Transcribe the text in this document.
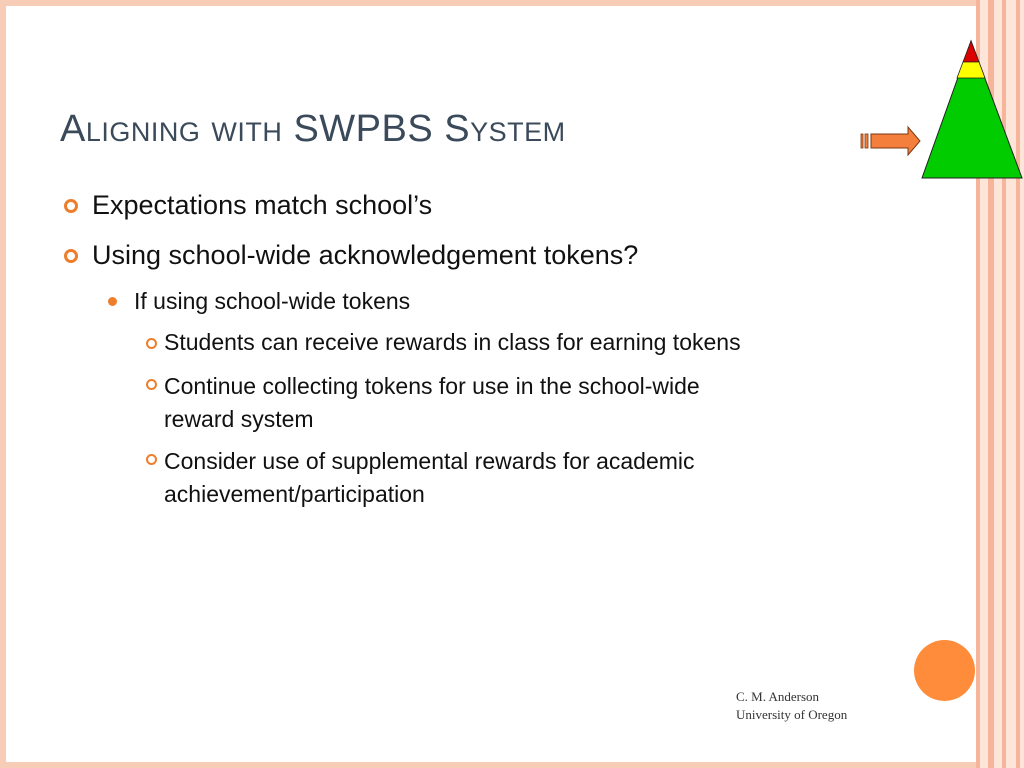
Aligning with SWPBS System
Expectations match school’s
Using school-wide acknowledgement tokens?
If using school-wide tokens
Students can receive rewards in class for earning tokens
Continue collecting tokens for use in the school-wide
reward system
Consider use of supplemental rewards for academic
achievement/participation
C. M. Anderson
University of Oregon
